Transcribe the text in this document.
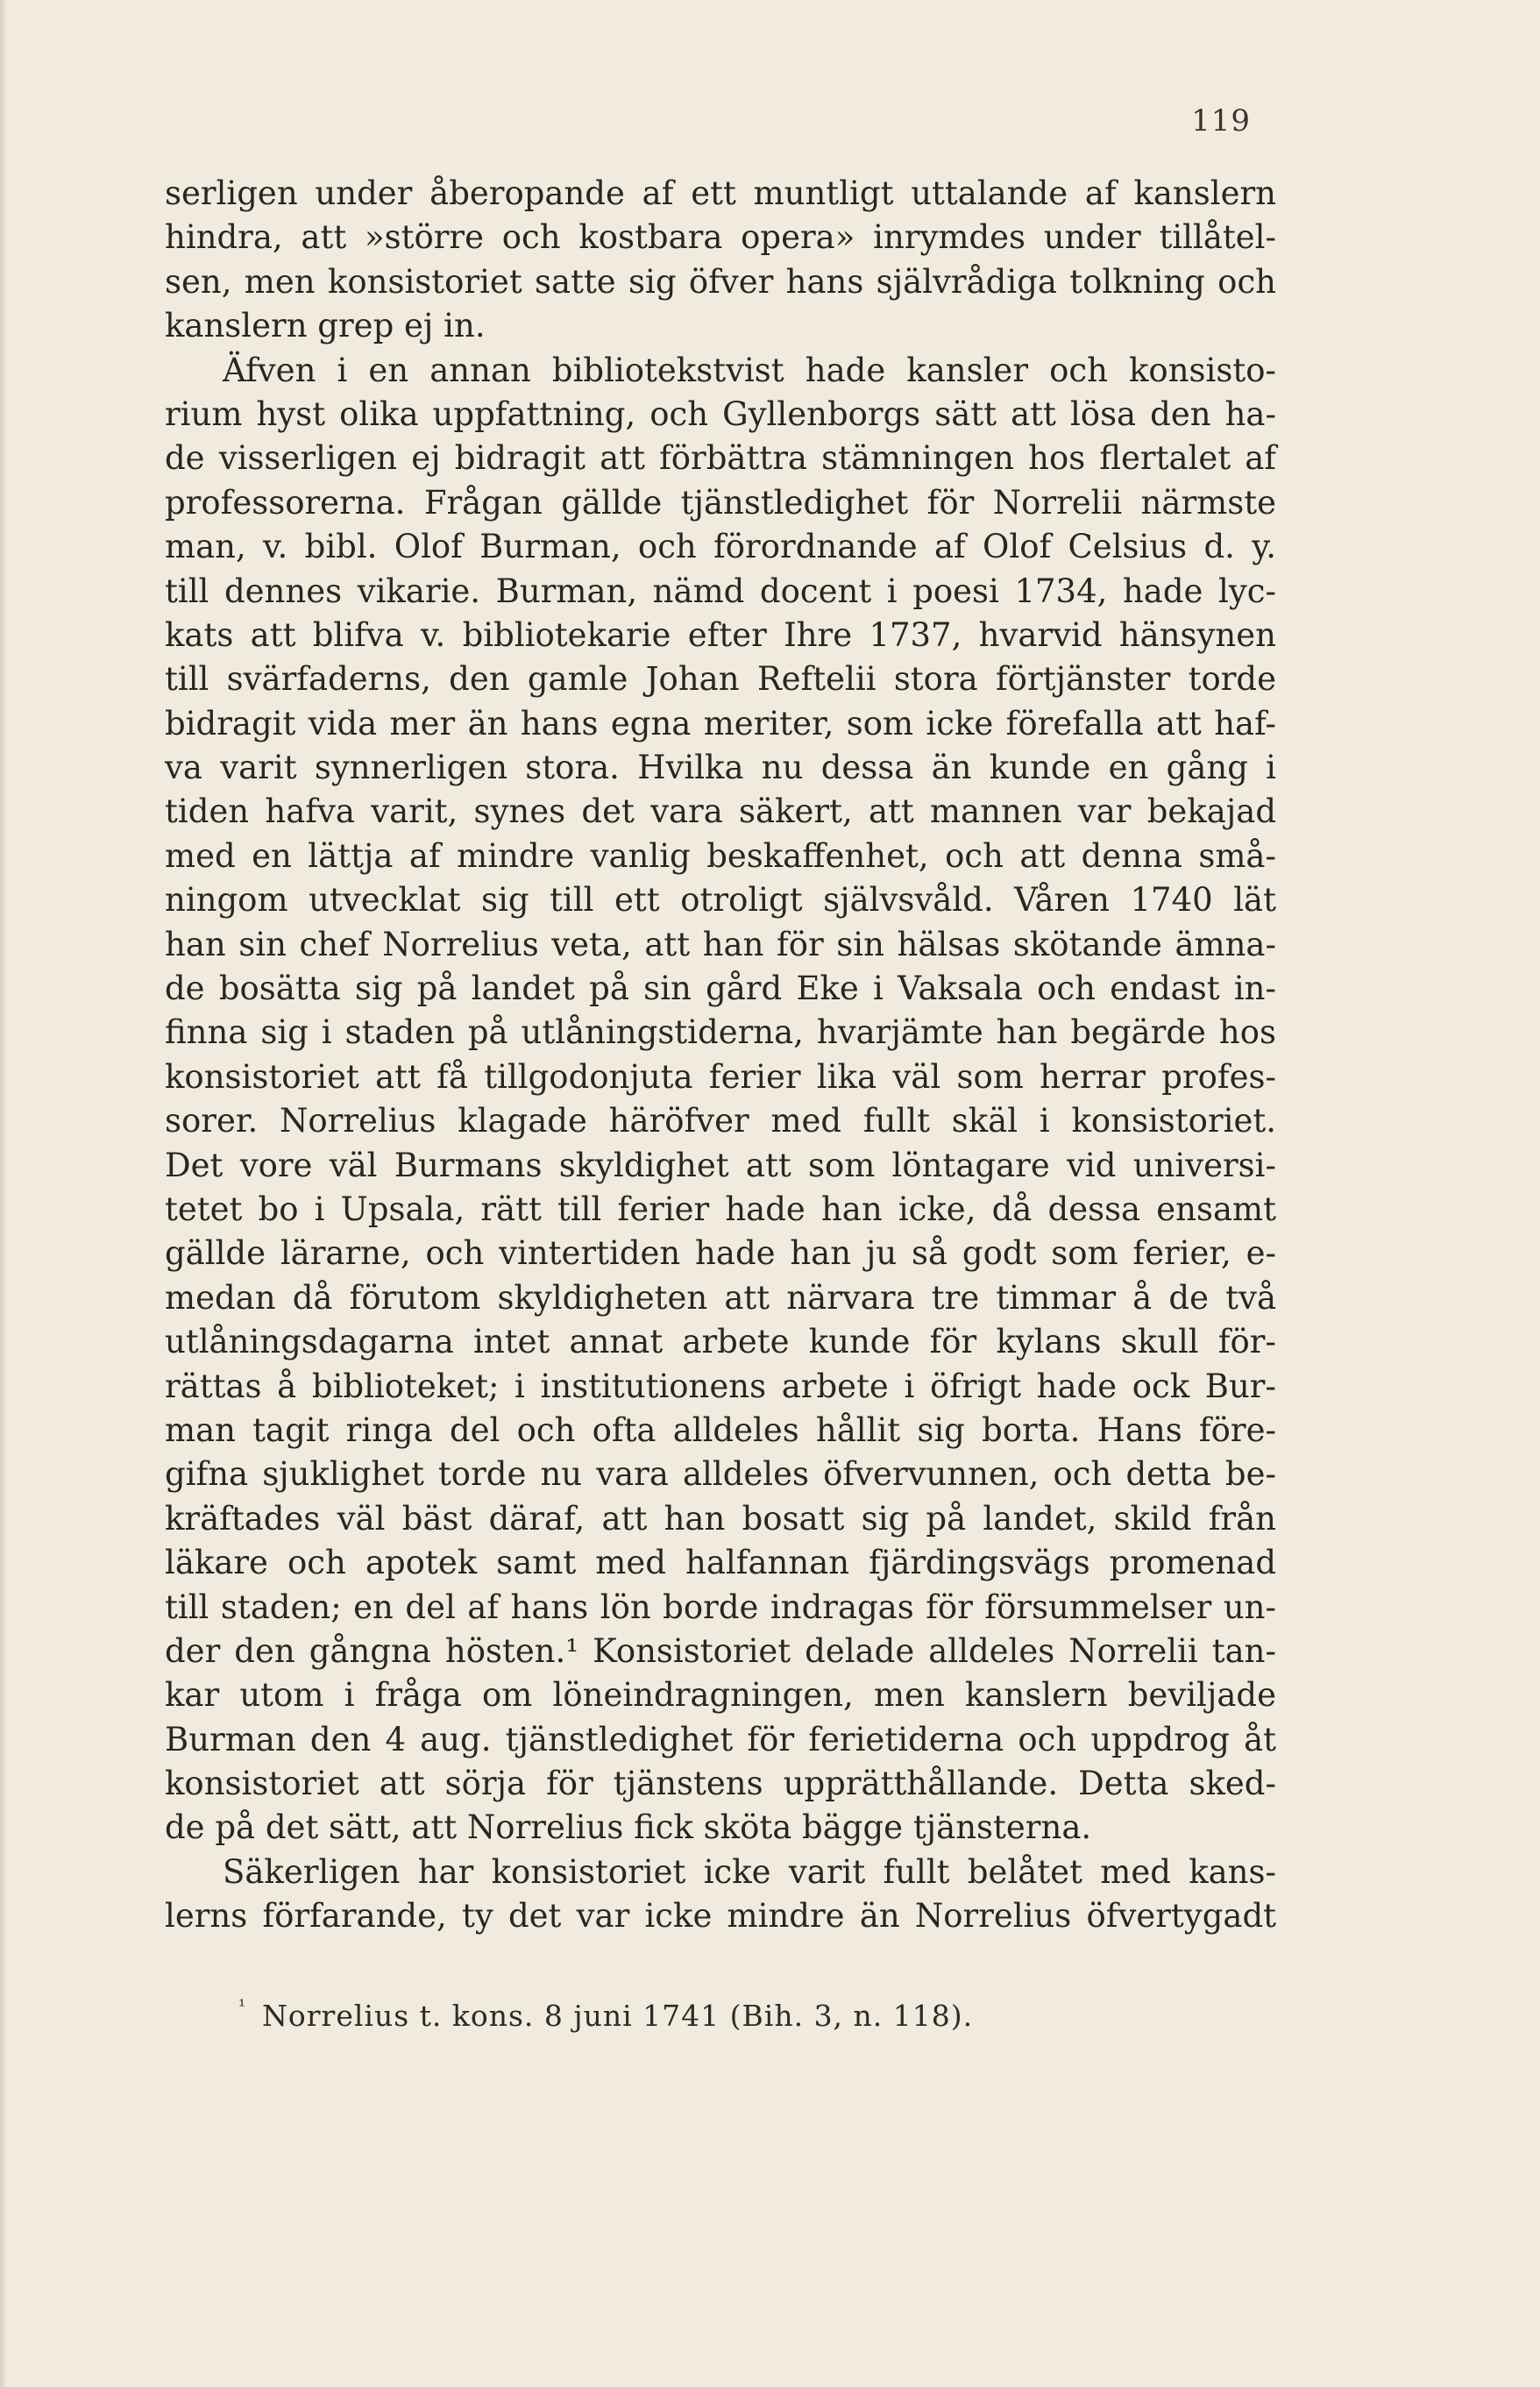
119
serligen under åberopande af ett muntligt uttalande af kanslern
hindra, att »större och kostbara opera» inrymdes under tillåtel-
sen, men konsistoriet satte sig öfver hans självrådiga tolkning och
kanslern grep ej in.
Äfven i en annan bibliotekstvist hade kansler och konsisto-
rium hyst olika uppfattning, och Gyllenborgs sätt att lösa den ha-
de visserligen ej bidragit att förbättra stämningen hos flertalet af
professorerna. Frågan gällde tjänstledighet för Norrelii närmste
man, v. bibl. Olof Burman, och förordnande af Olof Celsius d. y.
till dennes vikarie. Burman, nämd docent i poesi 1734, hade lyc-
kats att blifva v. bibliotekarie efter Ihre 1737, hvarvid hänsynen
till svärfaderns, den gamle Johan Reftelii stora förtjänster torde
bidragit vida mer än hans egna meriter, som icke förefalla att haf-
va varit synnerligen stora. Hvilka nu dessa än kunde en gång i
tiden hafva varit, synes det vara säkert, att mannen var bekajad
med en lättja af mindre vanlig beskaffenhet, och att denna små-
ningom utvecklat sig till ett otroligt självsvåld. Våren 1740 lät
han sin chef Norrelius veta, att han för sin hälsas skötande ämna-
de bosätta sig på landet på sin gård Eke i Vaksala och endast in-
finna sig i staden på utlåningstiderna, hvarjämte han begärde hos
konsistoriet att få tillgodonjuta ferier lika väl som herrar profes-
sorer. Norrelius klagade häröfver med fullt skäl i konsistoriet.
Det vore väl Burmans skyldighet att som löntagare vid universi-
tetet bo i Upsala, rätt till ferier hade han icke, då dessa ensamt
gällde lärarne, och vintertiden hade han ju så godt som ferier, e-
medan då förutom skyldigheten att närvara tre timmar å de två
utlåningsdagarna intet annat arbete kunde för kylans skull för-
rättas å biblioteket; i institutionens arbete i öfrigt hade ock Bur-
man tagit ringa del och ofta alldeles hållit sig borta. Hans före-
gifna sjuklighet torde nu vara alldeles öfvervunnen, och detta be-
kräftades väl bäst däraf, att han bosatt sig på landet, skild från
läkare och apotek samt med halfannan fjärdingsvägs promenad
till staden; en del af hans lön borde indragas för försummelser un-
der den gångna hösten.¹ Konsistoriet delade alldeles Norrelii tan-
kar utom i fråga om löneindragningen, men kanslern beviljade
Burman den 4 aug. tjänstledighet för ferietiderna och uppdrog åt
konsistoriet att sörja för tjänstens upprätthållande. Detta sked-
de på det sätt, att Norrelius fick sköta bägge tjänsterna.
Säkerligen har konsistoriet icke varit fullt belåtet med kans-
lerns förfarande, ty det var icke mindre än Norrelius öfvertygadt
$^{^1}$ Norrelius t. kons. 8 juni 1741 (Bih. 3, n. 118).
